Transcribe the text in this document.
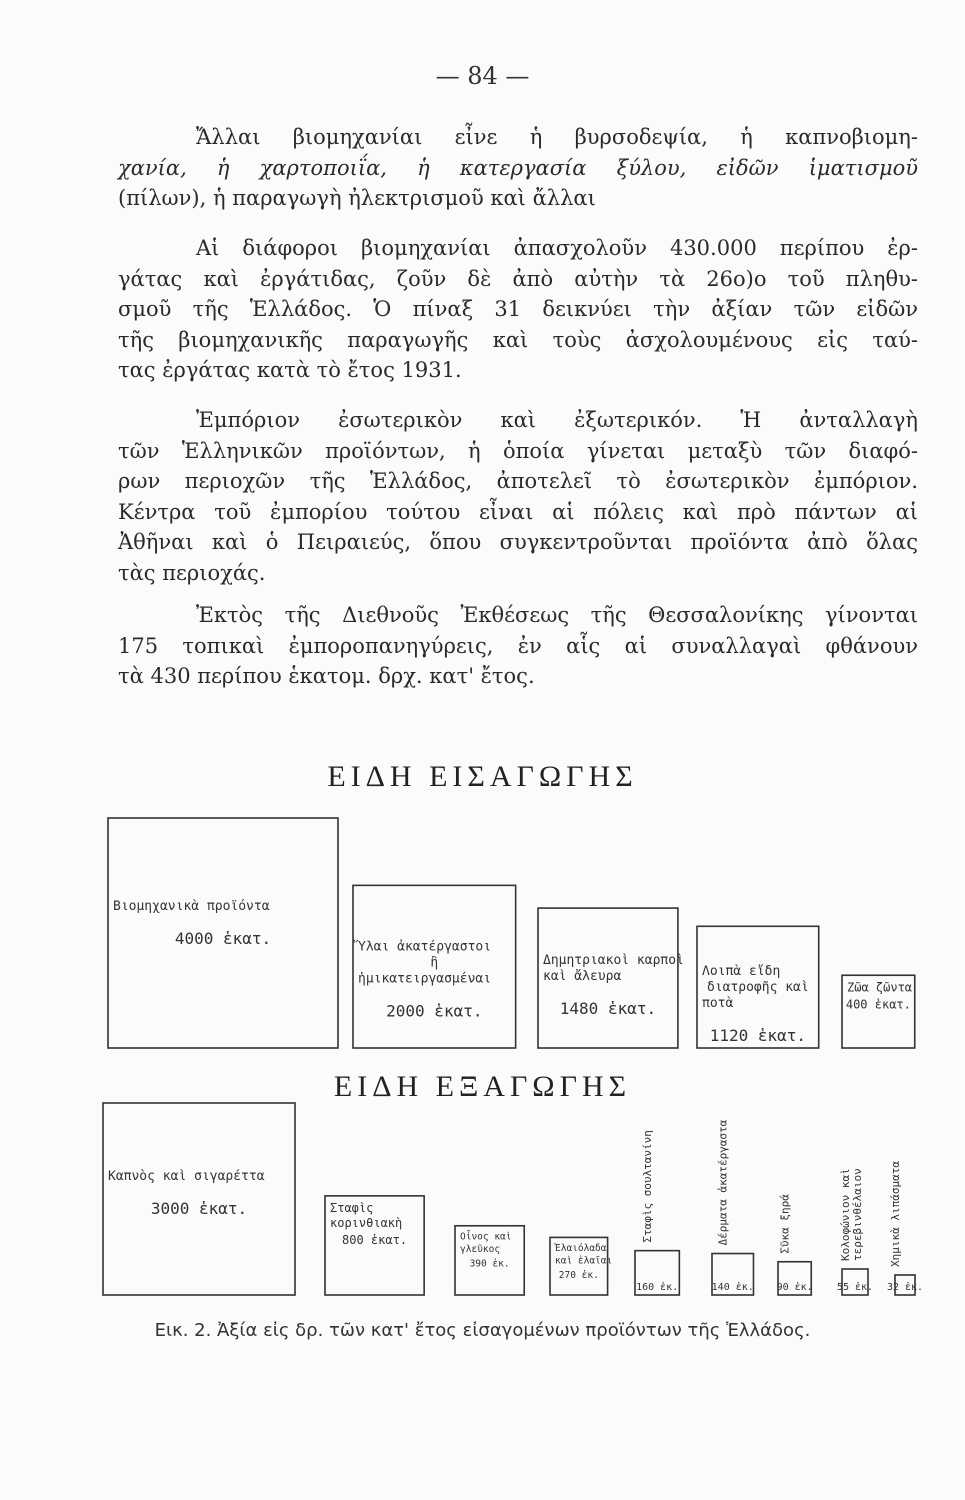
— 84 —
Ἄλλαι βιομηχανίαι εἶνε ἡ βυρσοδεψία, ἡ καπνοβιομη-
χανία, ἡ χαρτοποιΐα, ἡ κατεργασία ξύλου, εἰδῶν ἱματισμοῦ
(πίλων), ἡ παραγωγὴ ἠλεκτρισμοῦ καὶ ἄλλαι
Αἱ διάφοροι βιομηχανίαι ἀπασχολοῦν 430.000 περίπου ἐρ-
γάτας καὶ ἐργάτιδας, ζοῦν δὲ ἀπὸ αὐτὴν τὰ 26ο)ο τοῦ πληθυ-
σμοῦ τῆς Ἑλλάδος. Ὁ πίναξ 31 δεικνύει τὴν ἀξίαν τῶν εἰδῶν
τῆς βιομηχανικῆς παραγωγῆς καὶ τοὺς ἀσχολουμένους εἰς ταύ-
τας ἐργάτας κατὰ τὸ ἔτος 1931.
Ἐμπόριον ἐσωτερικὸν καὶ ἐξωτερικόν. Ἡ ἀνταλλαγὴ
τῶν Ἑλληνικῶν προϊόντων, ἡ ὁποία γίνεται μεταξὺ τῶν διαφό-
ρων περιοχῶν τῆς Ἑλλάδος, ἀποτελεῖ τὸ ἐσωτερικὸν ἐμπόριον.
Κέντρα τοῦ ἐμπορίου τούτου εἶναι αἱ πόλεις καὶ πρὸ πάντων αἱ
Ἀθῆναι καὶ ὁ Πειραιεύς, ὅπου συγκεντροῦνται προϊόντα ἀπὸ ὅλας
τὰς περιοχάς.
Ἐκτὸς τῆς Διεθνοῦς Ἐκθέσεως τῆς Θεσσαλονίκης γίνονται
175 τοπικαὶ ἐμποροπανηγύρεις, ἐν αἷς αἱ συναλλαγαὶ φθάνουν
τὰ 430 περίπου ἑκατομ. δρχ. κατ' ἔτος.
ΕΙΔΗ ΕΙΣΑΓΩΓΗΣ
ΕΙΔΗ ΕΞΑΓΩΓΗΣ
Βιομηχανικὰ προϊόντα
4000 ἑκατ.	Ὕλαι ἀκατέργαστοι
ἢ
ἡμικατειργασμέναι
2000 ἑκατ.
Δημητριακοὶ καρποὶ
καὶ ἄλευρα
1480 ἑκατ.
Λοιπὰ εἴδη
διατροφῆς καὶ
ποτὰ
1120 ἑκατ.
Ζῶα ζῶντα
400 ἑκατ.
Καπνὸς καὶ σιγαρέττα
3000 ἑκατ.	Σταφὶς
κορινθιακὴ
800 ἑκατ.	Οἶνος καὶ
γλεῦκος
390 ἑκ.
Ἐλαιόλαδα
καὶ ἐλαῖαι
270 ἑκ.
160 ἑκ.
Σταφὶς σουλτανίνη
140 ἑκ.
Δέρματα ἀκατέργαστα
90 ἑκ.
Σῦκα ξηρά
55 ἑκ.
Κολοφώνιον καὶ τερεβινθέλαιον
32 ἑκ.
Χημικὰ λιπάσματα
Εικ. 2. Ἀξία εἰς δρ. τῶν κατ' ἔτος εἰσαγομένων προϊόντων τῆς Ἑλλάδος.
